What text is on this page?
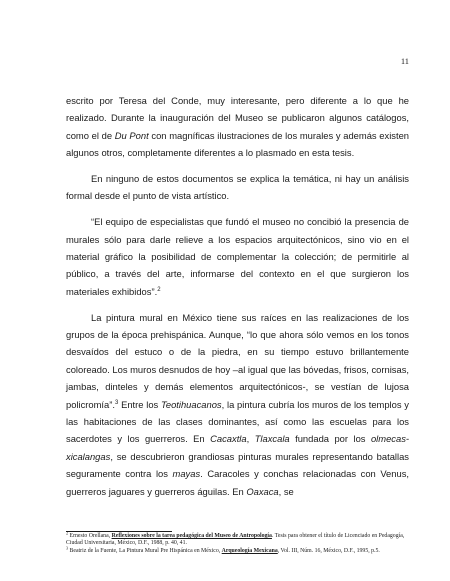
11

escrito por Teresa del Conde, muy interesante, pero diferente a lo que he realizado. Durante la inauguración del Museo se publicaron algunos catálogos, como el de Du Pont con magníficas ilustraciones de los murales y además existen algunos otros, completamente diferentes a lo plasmado en esta tesis.

En ninguno de estos documentos se explica la temática, ni hay un análisis formal desde el punto de vista artístico.

“El equipo de especialistas que fundó el museo no concibió la presencia de murales sólo para darle relieve a los espacios arquitectónicos, sino vio en el material gráfico la posibilidad de complementar la colección; de permitirle al público, a través del arte, informarse del contexto en el que surgieron los materiales exhibidos”.$^2$

La pintura mural en México tiene sus raíces en las realizaciones de los grupos de la época prehispánica. Aunque, “lo que ahora sólo vemos en los tonos desvaídos del estuco o de la piedra, en su tiempo estuvo brillantemente coloreado. Los muros desnudos de hoy –al igual que las bóvedas, frisos, cornisas, jambas, dinteles y demás elementos arquitectónicos-, se vestían de lujosa policromía”.$^3$ Entre los Teotihuacanos, la pintura cubría los muros de los templos y las habitaciones de las clases dominantes, así como las escuelas para los sacerdotes y los guerreros. En Cacaxtla, Tlaxcala fundada por los olmecas-xicalangas, se descubrieron grandiosas pinturas murales representando batallas seguramente contra los mayas. Caracoles y conchas relacionadas con Venus, guerreros jaguares y guerreros águilas. En Oaxaca, se

$^2$ Ernesto Orellana, Reflexiones sobre la tarea pedagógica del Museo de Antropología. Tesis para obtener el título de Licenciado en Pedagogía, Ciudad Universitaria, México, D.F., 1988, p. 40, 41.

$^3$ Beatriz de la Fuente, La Pintura Mural Pre Hispánica en México, Arqueología Mexicana, Vol. III, Núm. 16, México, D.F., 1995, p.5.
